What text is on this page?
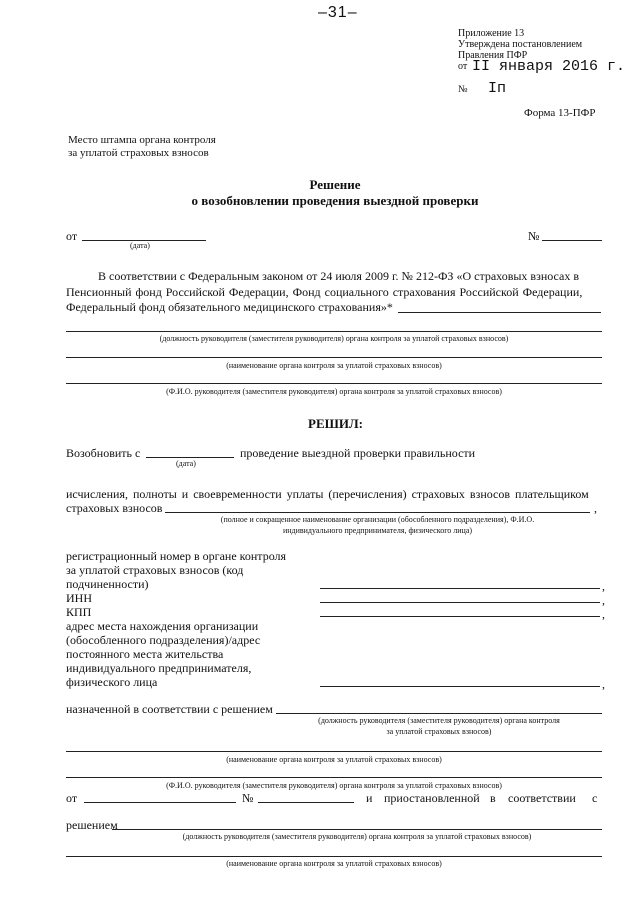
–31–
Приложение 13
Утверждена постановлением
Правления ПФР
от II января 2016 г.
№ Iп
Форма 13-ПФР
Место штампа органа контроля
за уплатой страховых взносов
Решение
о возобновлении проведения выездной проверки
от
(дата)
№
В соответствии с Федеральным законом от 24 июля 2009 г. № 212-ФЗ «О страховых взносах в
Пенсионный фонд Российской Федерации, Фонд социального страхования Российской Федерации,
Федеральный фонд обязательного медицинского страхования»*
(должность руководителя (заместителя руководителя) органа контроля за уплатой страховых взносов)
(наименование органа контроля за уплатой страховых взносов)
(Ф.И.О. руководителя (заместителя руководителя) органа контроля за уплатой страховых взносов)
РЕШИЛ:
Возобновить с
(дата)
проведение выездной проверки правильности
исчисления, полноты и своевременности уплаты (перечисления) страховых взносов плательщиком
страховых взносов	,
(полное и сокращенное наименование организации (обособленного подразделения), Ф.И.О.
индивидуального предпринимателя, физического лица)
регистрационный номер в органе контроля
за уплатой страховых взносов (код
подчиненности)	,
ИНН	,
КПП	,
адрес места нахождения организации
(обособленного подразделения)/адрес
постоянного места жительства
индивидуального предпринимателя,
физического лица	,
назначенной в соответствии с решением
(должность руководителя (заместителя руководителя) органа контроля
за уплатой страховых взносов)
(наименование органа контроля за уплатой страховых взносов)
(Ф.И.О. руководителя (заместителя руководителя) органа контроля за уплатой страховых взносов)
от	№	и приостановленной в соответствии с
решением
(должность руководителя (заместителя руководителя) органа контроля за уплатой страховых взносов)
(наименование органа контроля за уплатой страховых взносов)
